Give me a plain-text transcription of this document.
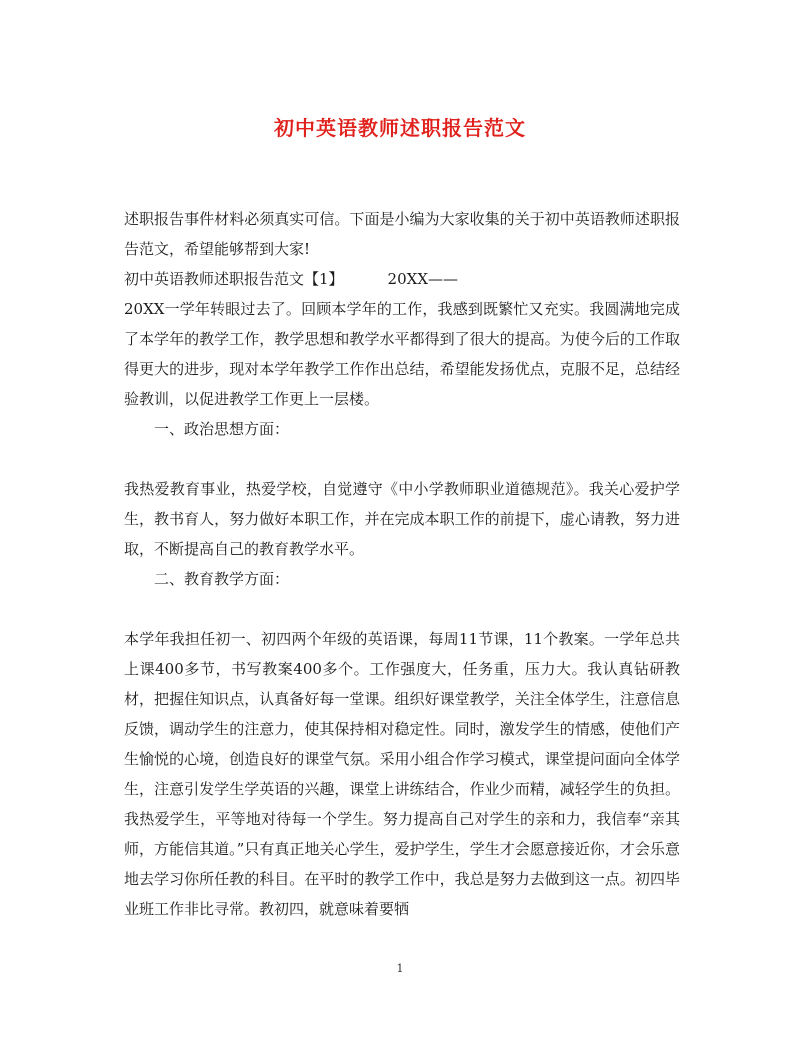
初中英语教师述职报告范文

述职报告事件材料必须真实可信。下面是小编为大家收集的关于初中英语教师述职报告范文，希望能够帮到大家!

初中英语教师述职报告范文【1】	20XX——

20XX一学年转眼过去了。回顾本学年的工作，我感到既繁忙又充实。我圆满地完成了本学年的教学工作，教学思想和教学水平都得到了很大的提高。为使今后的工作取得更大的进步，现对本学年教学工作作出总结，希望能发扬优点，克服不足，总结经验教训，以促进教学工作更上一层楼。

一、政治思想方面：

我热爱教育事业，热爱学校，自觉遵守《中小学教师职业道德规范》。我关心爱护学生，教书育人，努力做好本职工作，并在完成本职工作的前提下，虚心请教，努力进取，不断提高自己的教育教学水平。

二、教育教学方面：

本学年我担任初一、初四两个年级的英语课，每周11节课，11个教案。一学年总共上课400多节，书写教案400多个。工作强度大，任务重，压力大。我认真钻研教材，把握住知识点，认真备好每一堂课。组织好课堂教学，关注全体学生，注意信息反馈，调动学生的注意力，使其保持相对稳定性。同时，激发学生的情感，使他们产生愉悦的心境，创造良好的课堂气氛。采用小组合作学习模式，课堂提问面向全体学生，注意引发学生学英语的兴趣，课堂上讲练结合，作业少而精，减轻学生的负担。我热爱学生，平等地对待每一个学生。努力提高自己对学生的亲和力，我信奉“亲其师，方能信其道。”只有真正地关心学生，爱护学生，学生才会愿意接近你，才会乐意地去学习你所任教的科目。在平时的教学工作中，我总是努力去做到这一点。初四毕业班工作非比寻常。教初四，就意味着要牺

1
